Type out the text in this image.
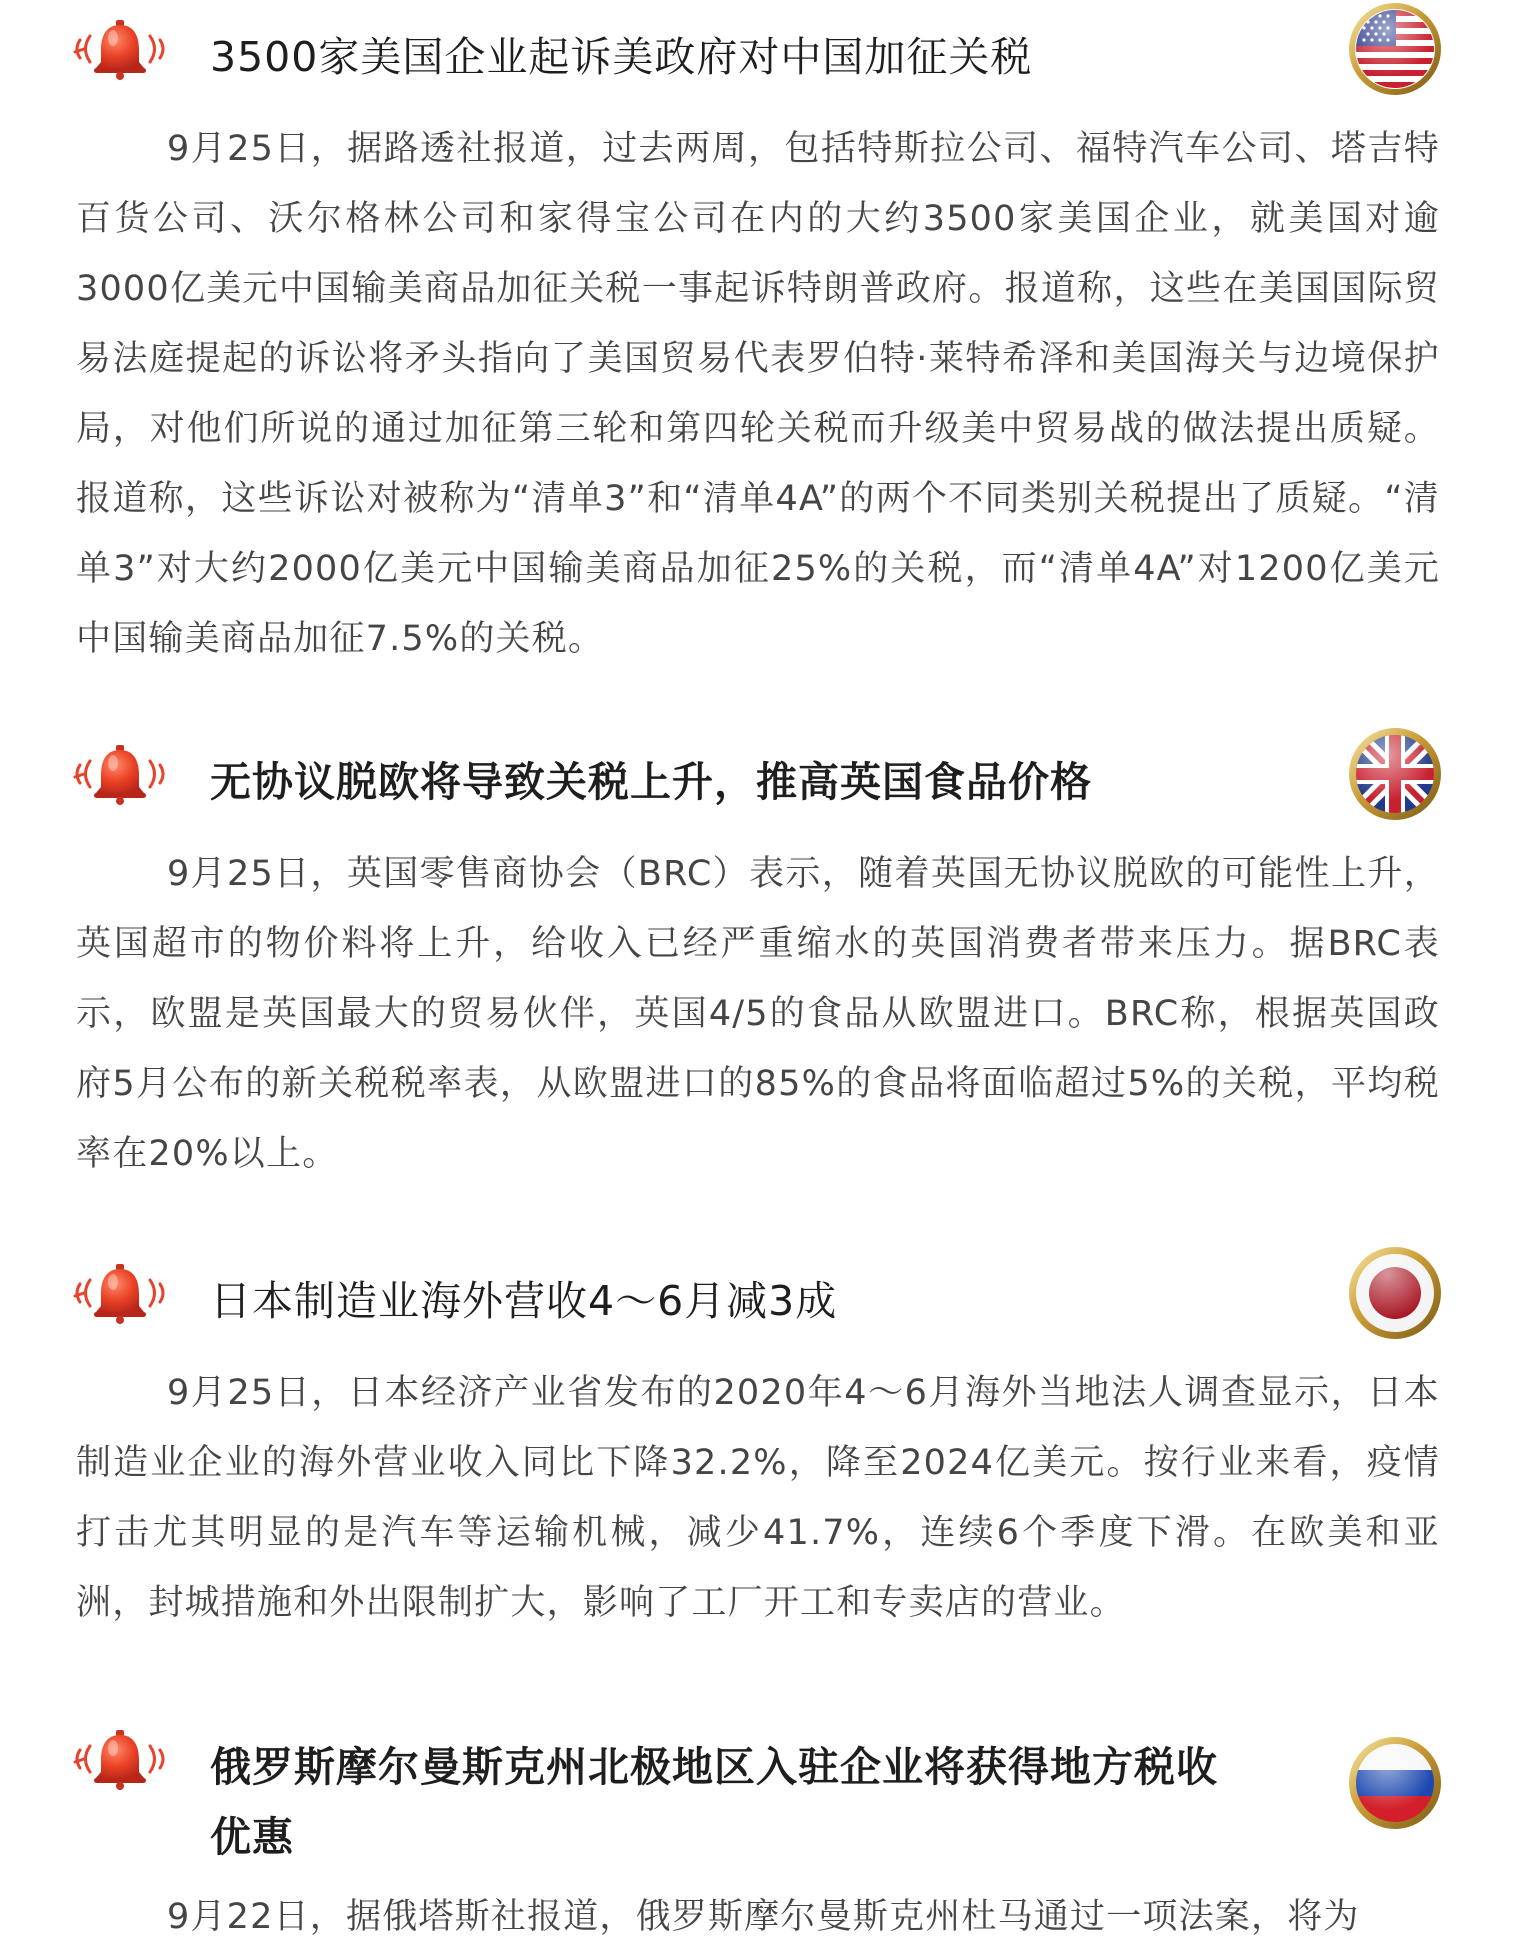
3500家美国企业起诉美政府对中国加征关税

9月25日，据路透社报道，过去两周，包括特斯拉公司、福特汽车公司、塔吉特百货公司、沃尔格林公司和家得宝公司在内的大约3500家美国企业，就美国对逾3000亿美元中国输美商品加征关税一事起诉特朗普政府。报道称，这些在美国国际贸易法庭提起的诉讼将矛头指向了美国贸易代表罗伯特·莱特希泽和美国海关与边境保护局，对他们所说的通过加征第三轮和第四轮关税而升级美中贸易战的做法提出质疑。报道称，这些诉讼对被称为“清单3”和“清单4A”的两个不同类别关税提出了质疑。“清单3”对大约2000亿美元中国输美商品加征25%的关税，而“清单4A”对1200亿美元中国输美商品加征7.5%的关税。

无协议脱欧将导致关税上升，推高英国食品价格

9月25日，英国零售商协会（BRC）表示，随着英国无协议脱欧的可能性上升，英国超市的物价料将上升，给收入已经严重缩水的英国消费者带来压力。据BRC表示，欧盟是英国最大的贸易伙伴，英国4/5的食品从欧盟进口。BRC称，根据英国政府5月公布的新关税税率表，从欧盟进口的85%的食品将面临超过5%的关税，平均税率在20%以上。

日本制造业海外营收4～6月减3成

9月25日，日本经济产业省发布的2020年4～6月海外当地法人调查显示，日本制造业企业的海外营业收入同比下降32.2%，降至2024亿美元。按行业来看，疫情打击尤其明显的是汽车等运输机械，减少41.7%，连续6个季度下滑。在欧美和亚洲，封城措施和外出限制扩大，影响了工厂开工和专卖店的营业。

俄罗斯摩尔曼斯克州北极地区入驻企业将获得地方税收优惠

9月22日，据俄塔斯社报道，俄罗斯摩尔曼斯克州杜马通过一项法案，将为
